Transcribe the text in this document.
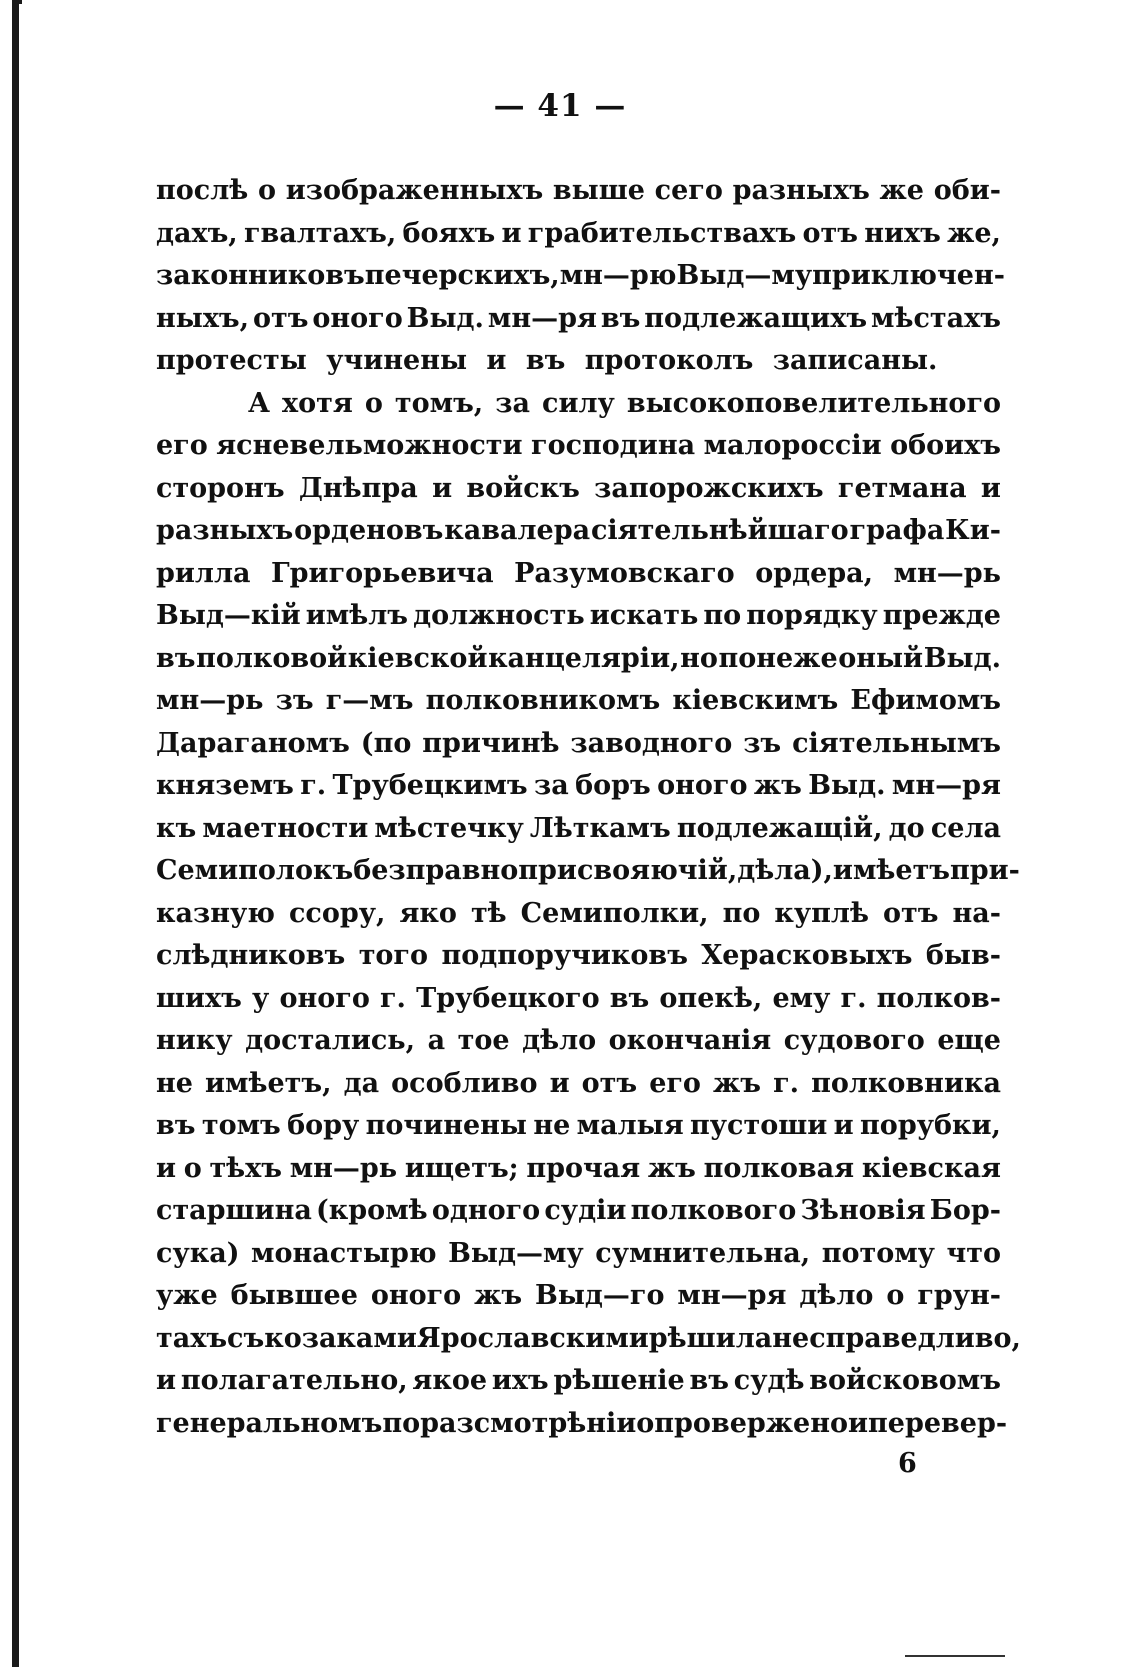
— 41 —
послѣ о изображенныхъ выше сего разныхъ же оби-
дахъ, гвалтахъ, бояхъ и грабительствахъ отъ нихъ же,
законниковъ печерскихъ, мн—рю Выд—му приключен-
ныхъ, отъ оного Выд. мн—ря въ подлежащихъ мѣстахъ
протесты учинены и въ протоколъ записаны.
А хотя о томъ, за силу высокоповелительного
его ясневельможности господина малороссіи обоихъ
сторонъ Днѣпра и войскъ запорожскихъ гетмана и
разныхъ орденовъ кавалера сіятельнѣйшаго графа Ки-
рилла Григорьевича Разумовскаго ордера, мн—рь
Выд—кій имѣлъ должность искать по порядку прежде
въ полковой кіевской канцеляріи, но понеже оный Выд.
мн—рь зъ г—мъ полковникомъ кіевскимъ Ефимомъ
Дараганомъ (по причинѣ заводного зъ сіятельнымъ
княземъ г. Трубецкимъ за боръ оного жъ Выд. мн—ря
къ маетности мѣстечку Лѣткамъ подлежащій, до села
Семиполокъ безправно присвояючій, дѣла), имѣетъ при-
казную ссору, яко тѣ Семиполки, по куплѣ отъ на-
слѣдниковъ того подпоручиковъ Херасковыхъ быв-
шихъ у оного г. Трубецкого въ опекѣ, ему г. полков-
нику достались, а тое дѣло окончанія судового еще
не имѣетъ, да особливо и отъ его жъ г. полковника
въ томъ бору починены не малыя пустоши и порубки,
и о тѣхъ мн—рь ищетъ; прочая жъ полковая кіевская
старшина (кромѣ одного судіи полкового Зѣновія Бор-
сука) монастырю Выд—му сумнительна, потому что
уже бывшее оного жъ Выд—го мн—ря дѣло о грун-
тахъ съ козаками Ярославскими рѣшила несправедливо,
и полагательно, якое ихъ рѣшеніе въ судѣ войсковомъ
генеральномъ по разсмотрѣніи опровержено и перевер-
6
